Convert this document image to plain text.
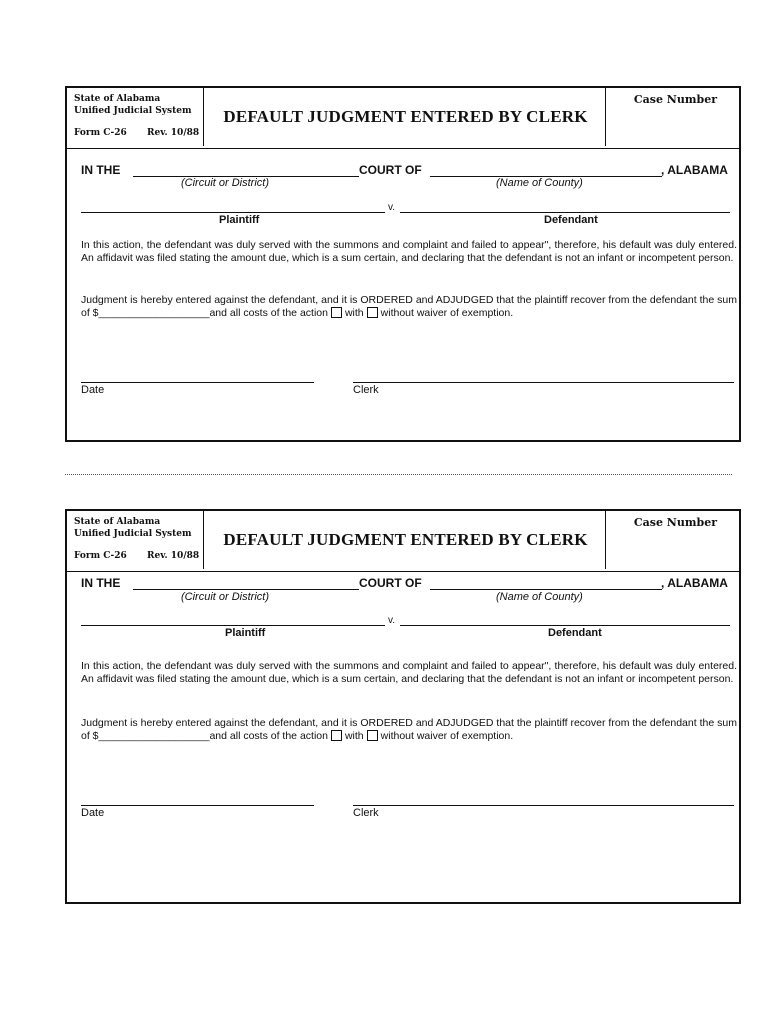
State of Alabama
Unified Judicial System
Form C-26 Rev. 10/88
DEFAULT JUDGMENT ENTERED BY CLERK
Case Number
IN THE	COURT OF	, ALABAMA
(Circuit or District)	(Name of County)
v.
Plaintiff	Defendant
In this action, the defendant was duly served with the summons and complaint and failed to appear", therefore, his default was duly entered. An affidavit was filed stating the amount due, which is a sum certain, and declaring that the defendant is not an infant or incompetent person.
Judgment is hereby entered against the defendant, and it is ORDERED and ADJUDGED that the plaintiff recover from the defendant the sum of $___________________and all costs of the action with without waiver of exemption.
Date	Clerk
State of Alabama
Unified Judicial System
Form C-26 Rev. 10/88
DEFAULT JUDGMENT ENTERED BY CLERK
Case Number
IN THE	COURT OF	, ALABAMA
(Circuit or District)	(Name of County)
v.
Plaintiff	Defendant
In this action, the defendant was duly served with the summons and complaint and failed to appear", therefore, his default was duly entered. An affidavit was filed stating the amount due, which is a sum certain, and declaring that the defendant is not an infant or incompetent person.
Judgment is hereby entered against the defendant, and it is ORDERED and ADJUDGED that the plaintiff recover from the defendant the sum of $___________________and all costs of the action with without waiver of exemption.
Date	Clerk
